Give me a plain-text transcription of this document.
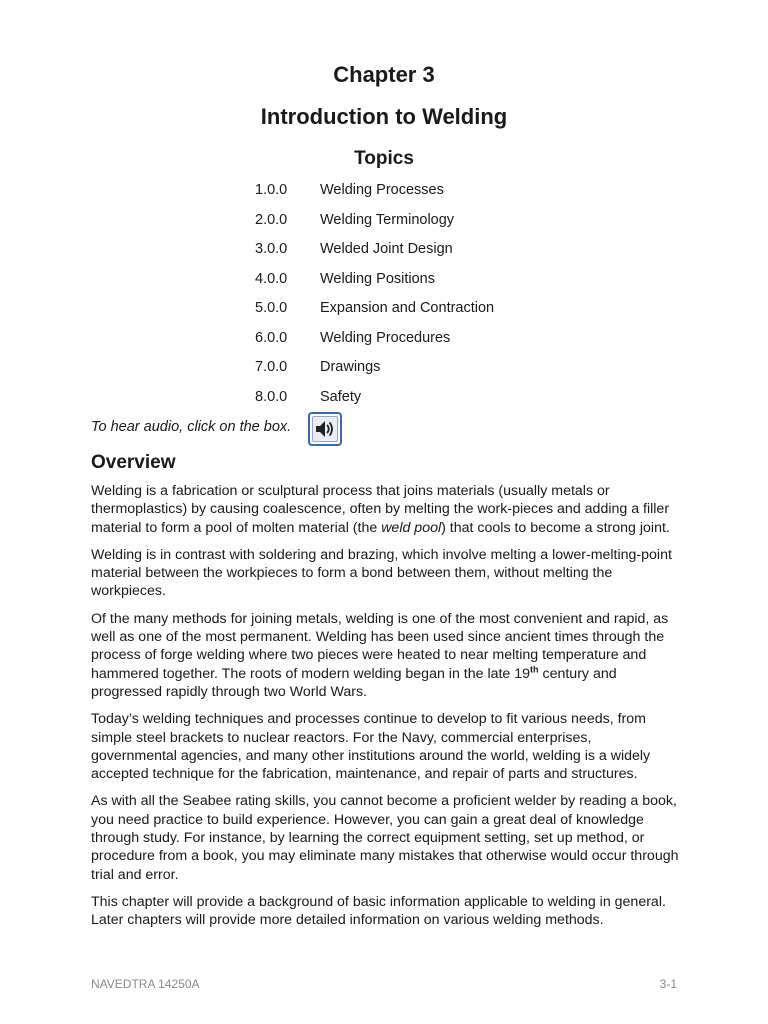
Chapter 3
Introduction to Welding
Topics
1.0.0 Welding Processes
2.0.0 Welding Terminology
3.0.0 Welded Joint Design
4.0.0 Welding Positions
5.0.0 Expansion and Contraction
6.0.0 Welding Procedures
7.0.0 Drawings
8.0.0 Safety
To hear audio, click on the box.
Overview

Welding is a fabrication or sculptural process that joins materials (usually metals or thermoplastics) by causing coalescence, often by melting the work-pieces and adding a filler material to form a pool of molten material (the weld pool) that cools to become a strong joint.

Welding is in contrast with soldering and brazing, which involve melting a lower-melting-point material between the workpieces to form a bond between them, without melting the workpieces.

Of the many methods for joining metals, welding is one of the most convenient and rapid, as well as one of the most permanent. Welding has been used since ancient times through the process of forge welding where two pieces were heated to near melting temperature and hammered together. The roots of modern welding began in the late 19th century and progressed rapidly through two World Wars.

Today’s welding techniques and processes continue to develop to fit various needs, from simple steel brackets to nuclear reactors. For the Navy, commercial enterprises, governmental agencies, and many other institutions around the world, welding is a widely accepted technique for the fabrication, maintenance, and repair of parts and structures.

As with all the Seabee rating skills, you cannot become a proficient welder by reading a book, you need practice to build experience. However, you can gain a great deal of knowledge through study. For instance, by learning the correct equipment setting, set up method, or procedure from a book, you may eliminate many mistakes that otherwise would occur through trial and error.

This chapter will provide a background of basic information applicable to welding in general. Later chapters will provide more detailed information on various welding methods.

NAVEDTRA 14250A	3-1
